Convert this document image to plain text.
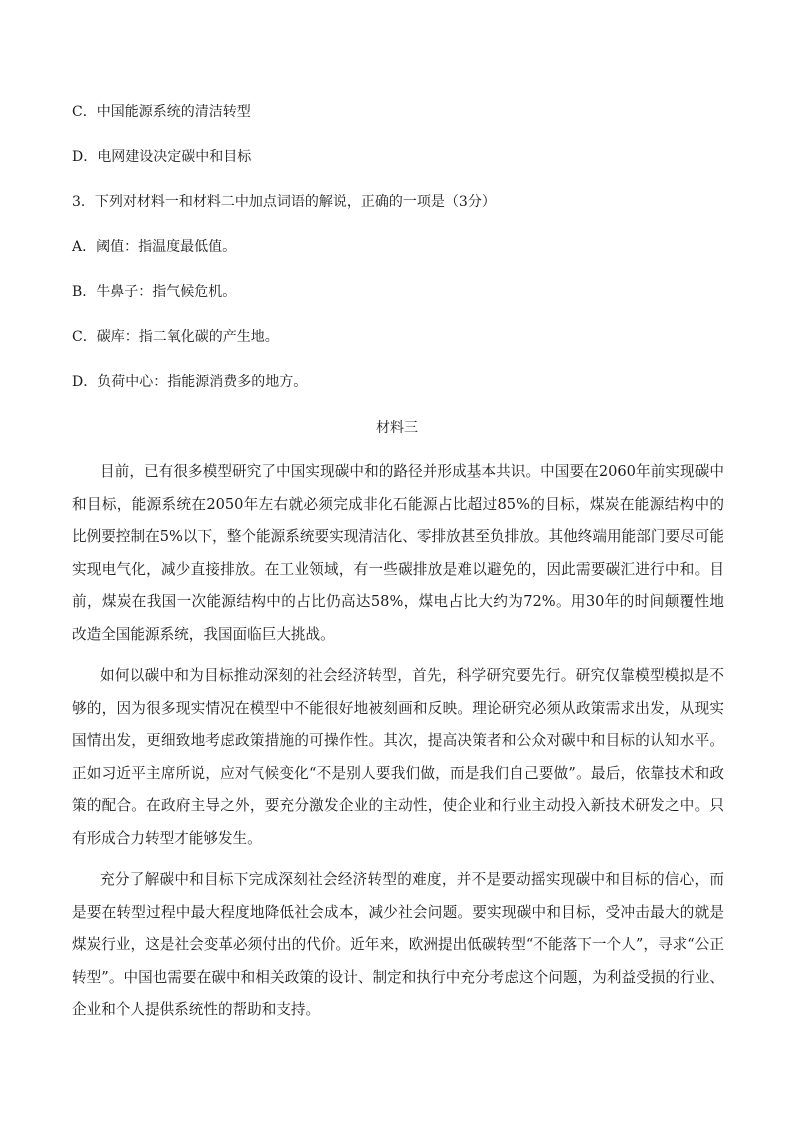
C．中国能源系统的清洁转型
D．电网建设决定碳中和目标
3．下列对材料一和材料二中加点词语的解说，正确的一项是（3分）
A．阈值：指温度最低值。
B．牛鼻子：指气候危机。
C．碳库：指二氧化碳的产生地。
D．负荷中心：指能源消费多的地方。
材料三

目前，已有很多模型研究了中国实现碳中和的路径并形成基本共识。中国要在2060年前实现碳中和目标，能源系统在2050年左右就必须完成非化石能源占比超过85%的目标，煤炭在能源结构中的比例要控制在5%以下，整个能源系统要实现清洁化、零排放甚至负排放。其他终端用能部门要尽可能实现电气化，减少直接排放。在工业领域，有一些碳排放是难以避免的，因此需要碳汇进行中和。目前，煤炭在我国一次能源结构中的占比仍高达58%，煤电占比大约为72%。用30年的时间颠覆性地改造全国能源系统，我国面临巨大挑战。

如何以碳中和为目标推动深刻的社会经济转型，首先，科学研究要先行。研究仅靠模型模拟是不够的，因为很多现实情况在模型中不能很好地被刻画和反映。理论研究必须从政策需求出发，从现实国情出发，更细致地考虑政策措施的可操作性。其次，提高决策者和公众对碳中和目标的认知水平。正如习近平主席所说，应对气候变化“不是别人要我们做，而是我们自己要做”。最后，依靠技术和政策的配合。在政府主导之外，要充分激发企业的主动性，使企业和行业主动投入新技术研发之中。只有形成合力转型才能够发生。

充分了解碳中和目标下完成深刻社会经济转型的难度，并不是要动摇实现碳中和目标的信心，而是要在转型过程中最大程度地降低社会成本，减少社会问题。要实现碳中和目标，受冲击最大的就是煤炭行业，这是社会变革必须付出的代价。近年来，欧洲提出低碳转型“不能落下一个人”，寻求“公正转型”。中国也需要在碳中和相关政策的设计、制定和执行中充分考虑这个问题，为利益受损的行业、企业和个人提供系统性的帮助和支持。
